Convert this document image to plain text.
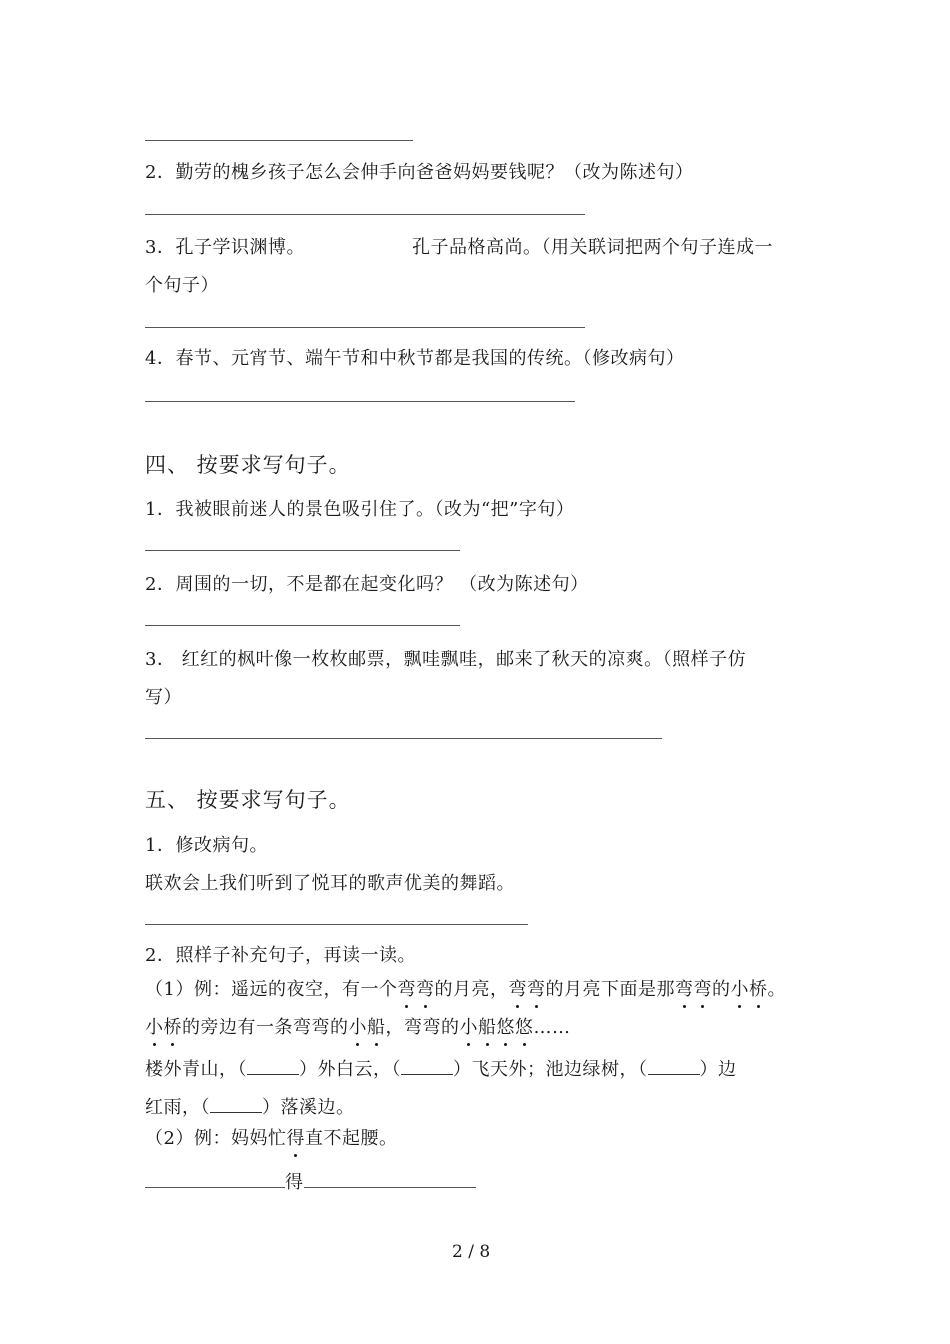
2．勤劳的槐乡孩子怎么会伸手向爸爸妈妈要钱呢？（改为陈述句）
3．孔子学识渊博。	孔子品格高尚。（用关联词把两个句子连成一
个句子）
4．春节、元宵节、端午节和中秋节都是我国的传统。（修改病句）
四、 按要求写句子。
1．我被眼前迷人的景色吸引住了。（改为“把”字句）
2．周围的一切，不是都在起变化吗？ （改为陈述句）
3． 红红的枫叶像一枚枚邮票，飘哇飘哇，邮来了秋天的凉爽。（照样子仿
写）
五、 按要求写句子。
1．修改病句。
联欢会上我们听到了悦耳的歌声优美的舞蹈。
2．照样子补充句子，再读一读。
（1）例：遥远的夜空，有一个弯弯的月亮，弯弯的月亮下面是那弯弯的小桥。
小桥的旁边有一条弯弯的小船，弯弯的小船悠悠……
楼外青山，（	）外白云，（	）飞天外；池边绿树，（	）边
红雨，（	）落溪边。
（2）例：妈妈忙得直不起腰。
得
2 / 8
